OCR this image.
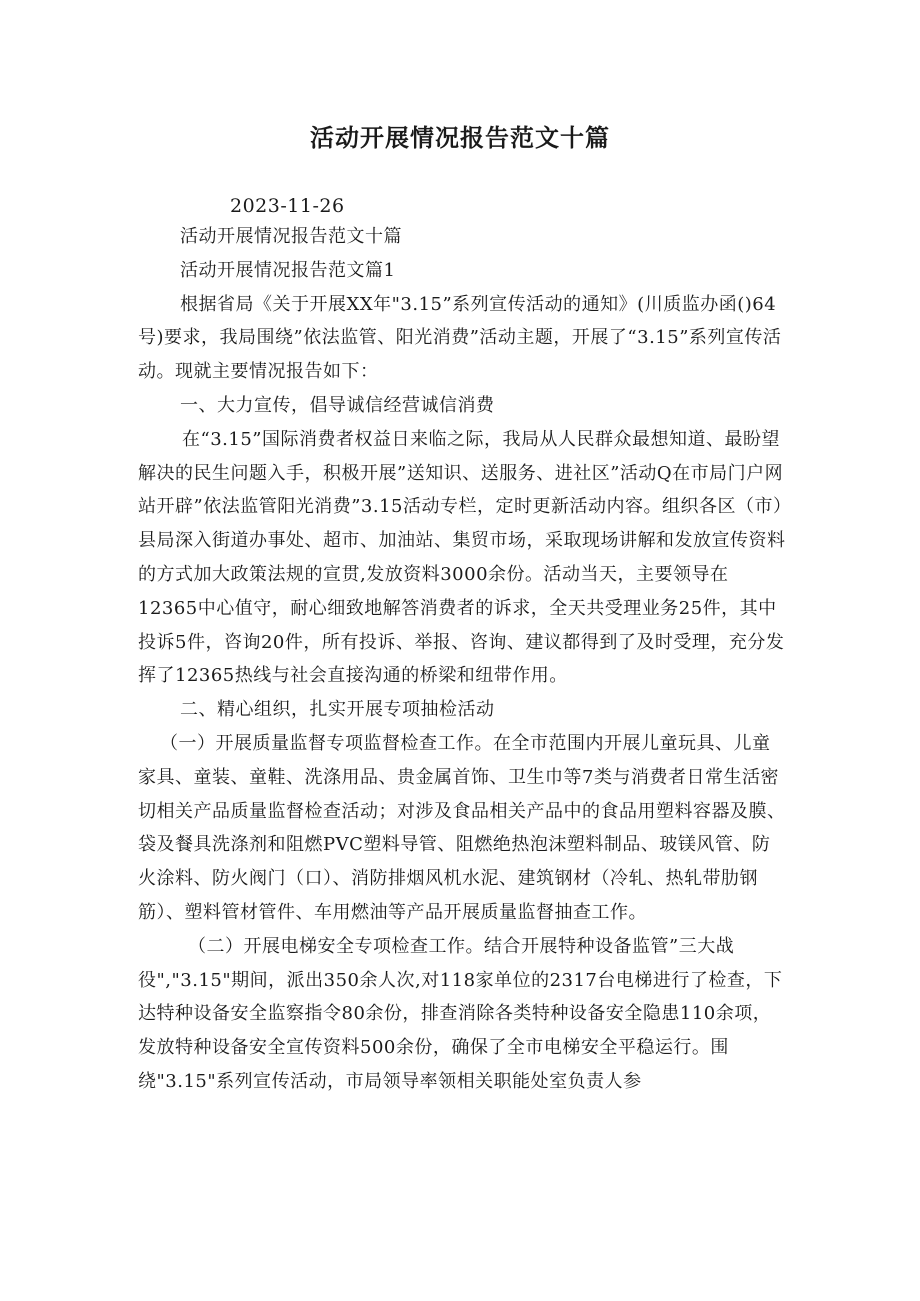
活动开展情况报告范文十篇

2023-11-26

活动开展情况报告范文十篇

活动开展情况报告范文篇1

根据省局《关于开展XX年"3.15”系列宣传活动的通知》(川质监办函()64号)要求，我局围绕”依法监管、阳光消费”活动主题，开展了“3.15”系列宣传活动。现就主要情况报告如下：

一、大力宣传，倡导诚信经营诚信消费

在“3.15”国际消费者权益日来临之际，我局从人民群众最想知道、最盼望解决的民生问题入手，积极开展”送知识、送服务、进社区”活动Q在市局门户网站开辟”依法监管阳光消费”3.15活动专栏，定时更新活动内容。组织各区（市）县局深入街道办事处、超市、加油站、集贸市场，采取现场讲解和发放宣传资料的方式加大政策法规的宣贯,发放资料3000余份。活动当天，主要领导在12365中心值守，耐心细致地解答消费者的诉求，全天共受理业务25件，其中投诉5件，咨询20件，所有投诉、举报、咨询、建议都得到了及时受理，充分发挥了12365热线与社会直接沟通的桥梁和纽带作用。

二、精心组织，扎实开展专项抽检活动

（一）开展质量监督专项监督检查工作。在全市范围内开展儿童玩具、儿童家具、童装、童鞋、洗涤用品、贵金属首饰、卫生巾等7类与消费者日常生活密切相关产品质量监督检查活动；对涉及食品相关产品中的食品用塑料容器及膜、袋及餐具洗涤剂和阻燃PVC塑料导管、阻燃绝热泡沫塑料制品、玻镁风管、防火涂料、防火阀门（口）、消防排烟风机水泥、建筑钢材（冷轧、热轧带肋钢筋）、塑料管材管件、车用燃油等产品开展质量监督抽查工作。

（二）开展电梯安全专项检查工作。结合开展特种设备监管”三大战役","3.15"期间，派出350余人次,对118家单位的2317台电梯进行了检查，下达特种设备安全监察指令80余份，排查消除各类特种设备安全隐患110余项，发放特种设备安全宣传资料500余份，确保了全市电梯安全平稳运行。围绕"3.15"系列宣传活动，市局领导率领相关职能处室负责人参
